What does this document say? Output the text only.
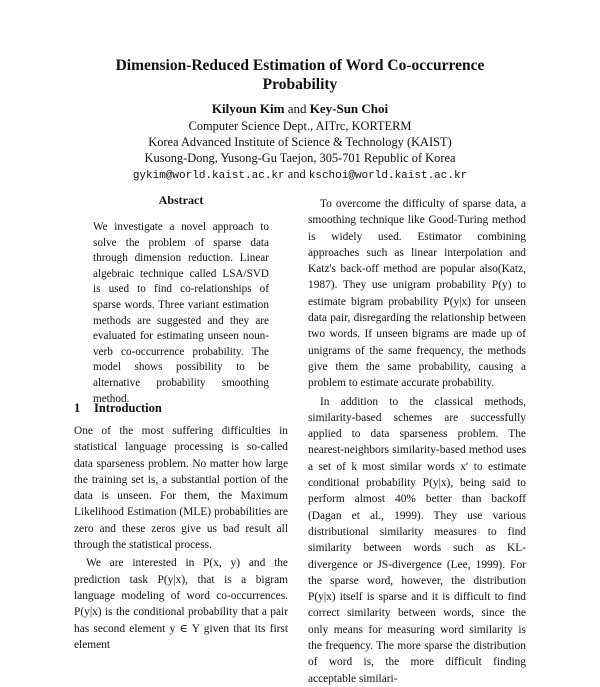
Dimension-Reduced Estimation of Word Co-occurrence
Probability
Kilyoun Kim and Key-Sun Choi
Computer Science Dept., AITrc, KORTERM
Korea Advanced Institute of Science & Technology (KAIST)
Kusong-Dong, Yusong-Gu Taejon, 305-701 Republic of Korea
gykim@world.kaist.ac.kr and kschoi@world.kaist.ac.kr
Abstract
We investigate a novel approach to solve the problem of sparse data through dimension reduction. Linear algebraic technique called LSA/SVD is used to find co-relationships of sparse words. Three variant estimation methods are suggested and they are evaluated for estimating unseen noun-verb co-occurrence probability. The model shows possibility to be alternative probability smoothing method.
1 Introduction

One of the most suffering difficulties in statistical language processing is so-called data sparseness problem. No matter how large the training set is, a substantial portion of the data is unseen. For them, the Maximum Likelihood Estimation (MLE) probabilities are zero and these zeros give us bad result all through the statistical process.

We are interested in P(x, y) and the prediction task P(y|x), that is a bigram language modeling of word co-occurrences. P(y|x) is the conditional probability that a pair has second element y ∈ Y given that its first element

To overcome the difficulty of sparse data, a smoothing technique like Good-Turing method is widely used. Estimator combining approaches such as linear interpolation and Katz's back-off method are popular also(Katz, 1987). They use unigram probability P(y) to estimate bigram probability P(y|x) for unseen data pair, disregarding the relationship between two words. If unseen bigrams are made up of unigrams of the same frequency, the methods give them the same probability, causing a problem to estimate accurate probability.

In addition to the classical methods, similarity-based schemes are successfully applied to data sparseness problem. The nearest-neighbors similarity-based method uses a set of k most similar words x′ to estimate conditional probability P(y|x), being said to perform almost 40% better than backoff (Dagan et al., 1999). They use various distributional similarity measures to find similarity between words such as KL-divergence or JS-divergence (Lee, 1999). For the sparse word, however, the distribution P(y|x) itself is sparse and it is difficult to find correct similarity between words, since the only means for measuring word similarity is the frequency. The more sparse the distribution of word is, the more difficult finding acceptable similari-
